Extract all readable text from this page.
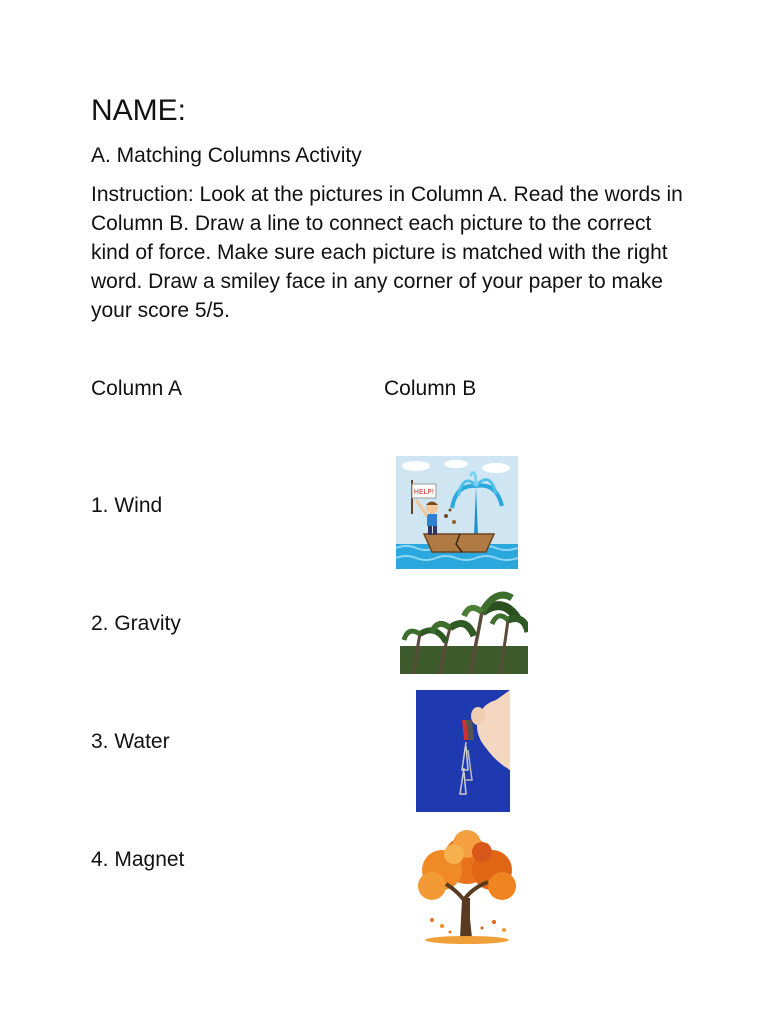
NAME:
A. Matching Columns Activity

Instruction: Look at the pictures in Column A. Read the words in Column B. Draw a line to connect each picture to the correct kind of force. Make sure each picture is matched with the right word. Draw a smiley face in any corner of your paper to make your score 5/5.

Column A	Column B
1. Wind
2. Gravity
3. Water
4. Magnet
HELP!
